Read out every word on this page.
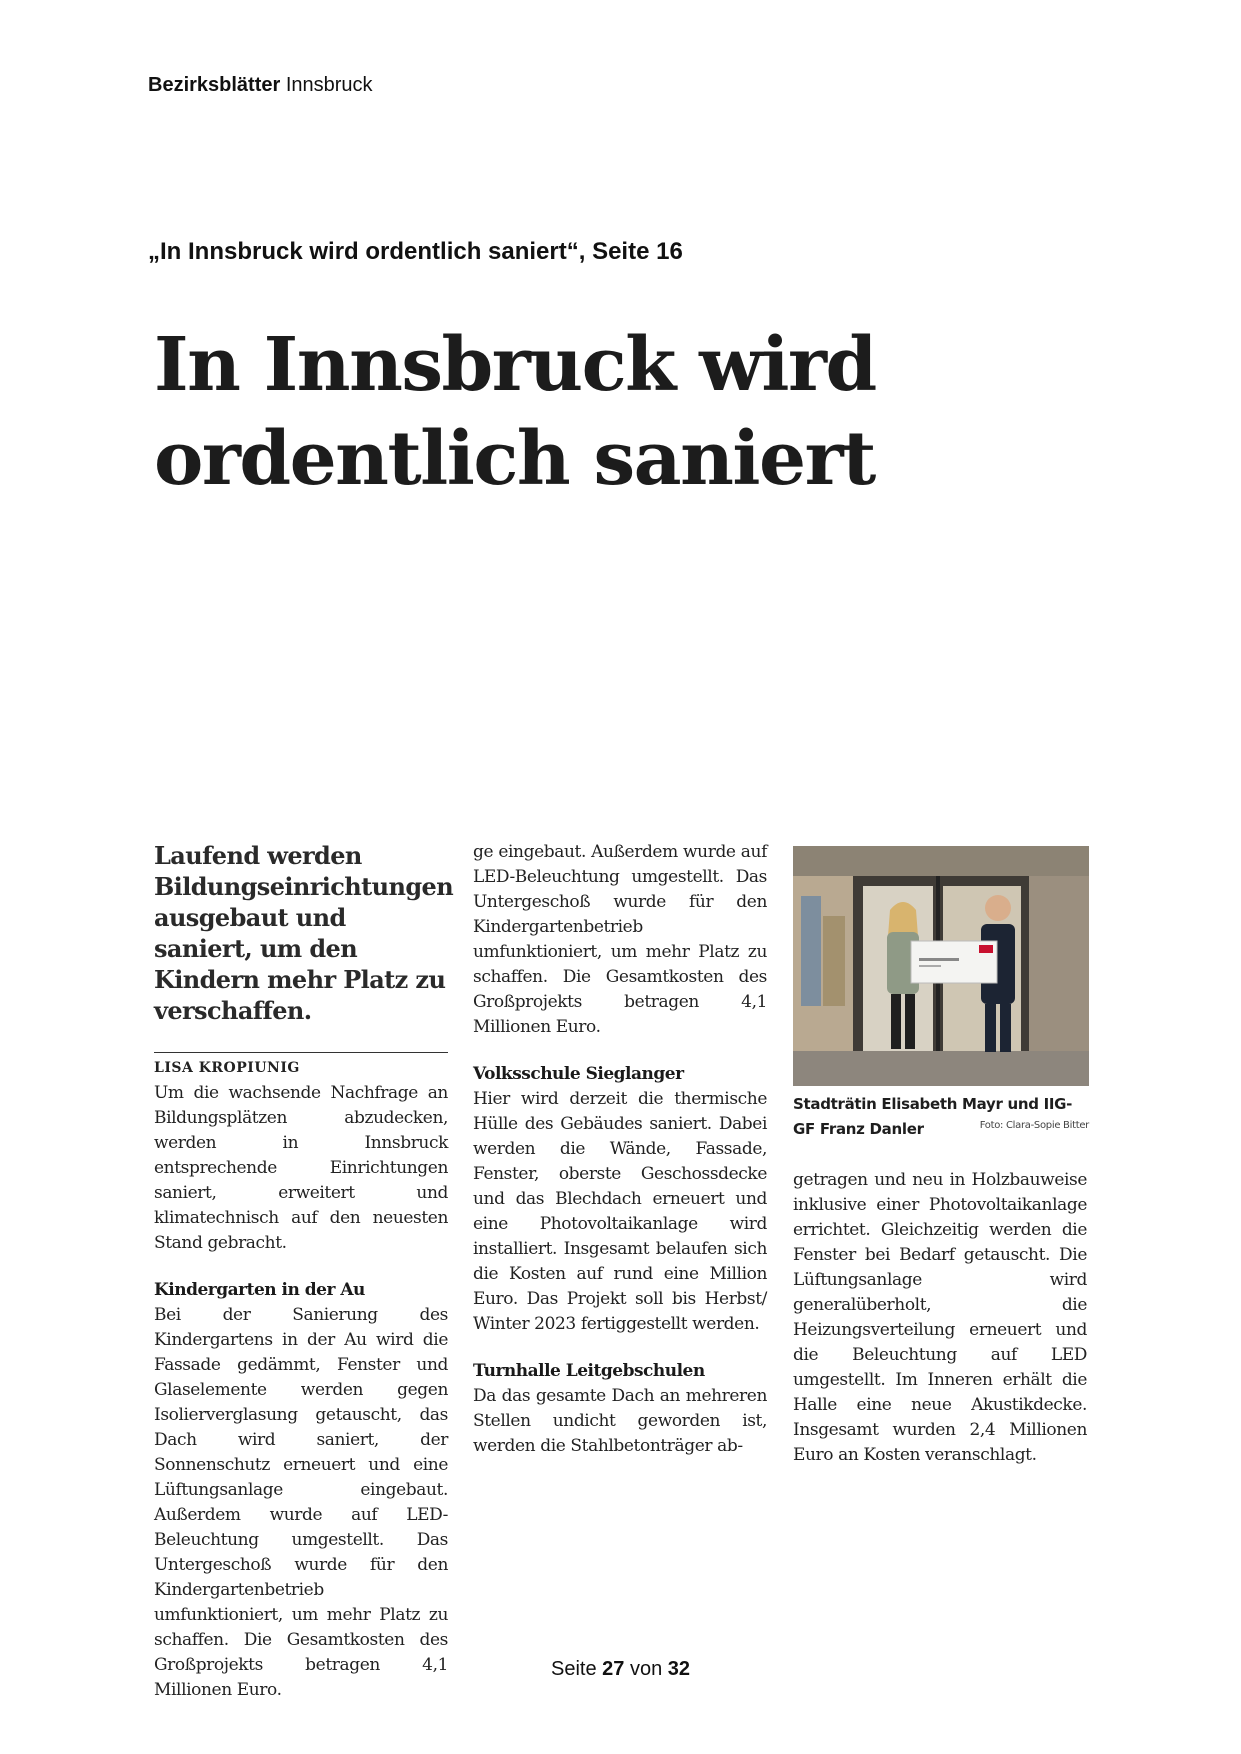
Bezirksblätter Innsbruck
„In Innsbruck wird ordentlich saniert“, Seite 16
In Innsbruck wird
ordentlich saniert
Laufend werden Bildungseinrichtungen ausgebaut und saniert, um den Kindern mehr Platz zu verschaffen.
LISA KROPIUNIG

Um die wachsende Nachfrage an Bildungsplätzen abzudecken, werden in Innsbruck entsprechende Einrichtungen saniert, erweitert und klimatechnisch auf den neuesten Stand gebracht.

Kindergarten in der Au

Bei der Sanierung des Kindergartens in der Au wird die Fassade gedämmt, Fenster und Glaselemente werden gegen Isolierverglasung getauscht, das Dach wird saniert, der Sonnenschutz erneuert und eine Lüftungsanlage eingebaut. Außerdem wurde auf LED-Beleuchtung umgestellt. Das Untergeschoß wurde für den Kindergartenbetrieb umfunktioniert, um mehr Platz zu schaffen. Die Gesamtkosten des Großprojekts betragen 4,1 Millionen Euro.

ge eingebaut. Außerdem wurde auf LED-Beleuchtung umgestellt. Das Untergeschoß wurde für den Kindergartenbetrieb umfunktioniert, um mehr Platz zu schaffen. Die Gesamtkosten des Großprojekts betragen 4,1 Millionen Euro.

Volksschule Sieglanger

Hier wird derzeit die thermische Hülle des Gebäudes saniert. Dabei werden die Wände, Fassade, Fenster, oberste Geschossdecke und das Blechdach erneuert und eine Photovoltaikanlage wird installiert. Insgesamt belaufen sich die Kosten auf rund eine Million Euro. Das Projekt soll bis Herbst/ Winter 2023 fertiggestellt werden.

Turnhalle Leitgebschulen

Da das gesamte Dach an mehreren Stellen undicht geworden ist, werden die Stahlbetonträger ab-

Stadträtin Elisabeth Mayr und IIG-GF Franz Danler	Foto: Clara-Sopie Bitter

getragen und neu in Holzbauweise inklusive einer Photovoltaikanlage errichtet. Gleichzeitig werden die Fenster bei Bedarf getauscht. Die Lüftungsanlage wird generalüberholt, die Heizungsverteilung erneuert und die Beleuchtung auf LED umgestellt. Im Inneren erhält die Halle eine neue Akustikdecke. Insgesamt wurden 2,4 Millionen Euro an Kosten veranschlagt.

Seite 27 von 32
